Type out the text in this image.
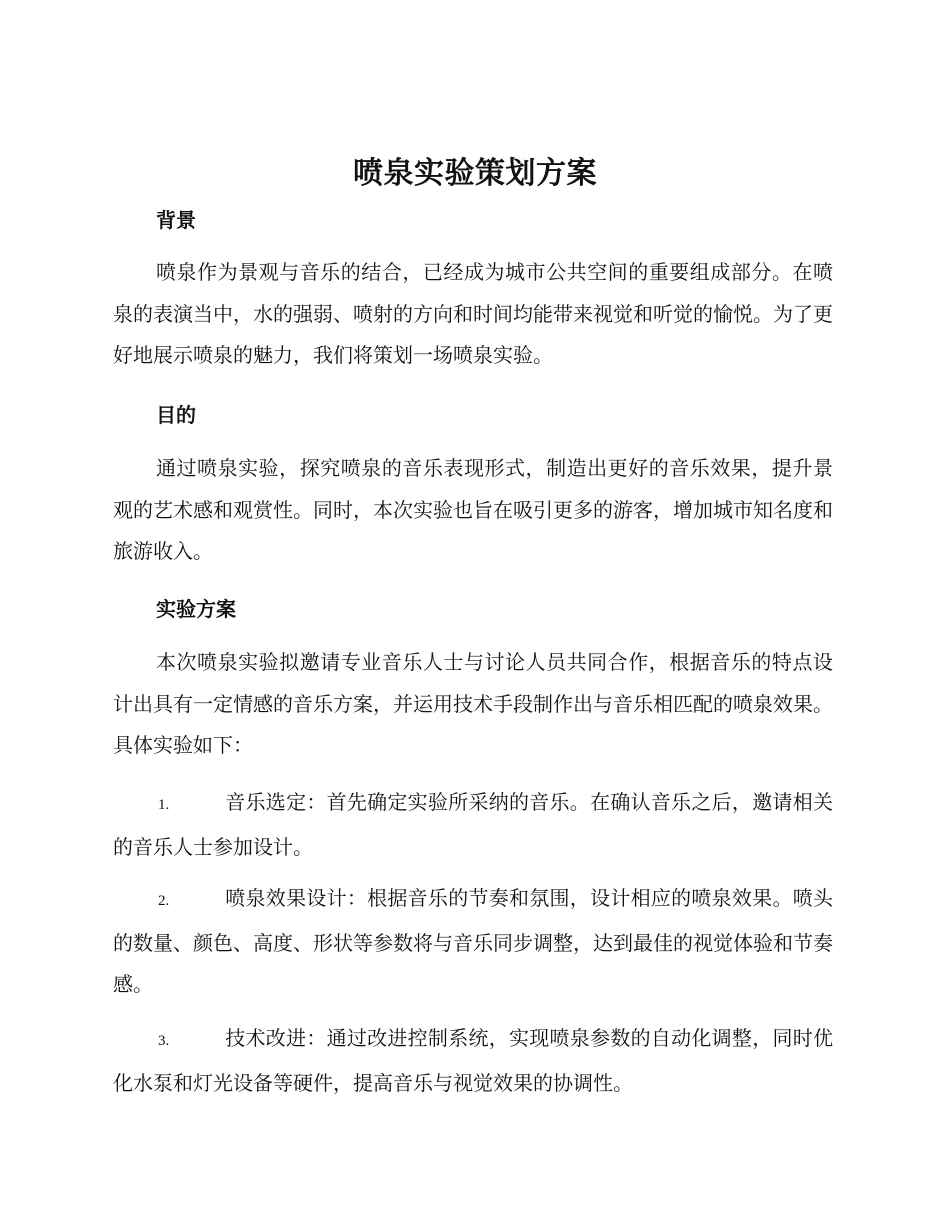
喷泉实验策划方案
背景

喷泉作为景观与音乐的结合，已经成为城市公共空间的重要组成部分。在喷泉的表演当中，水的强弱、喷射的方向和时间均能带来视觉和听觉的愉悦。为了更好地展示喷泉的魅力，我们将策划一场喷泉实验。

目的

通过喷泉实验，探究喷泉的音乐表现形式，制造出更好的音乐效果，提升景观的艺术感和观赏性。同时，本次实验也旨在吸引更多的游客，增加城市知名度和旅游收入。

实验方案

本次喷泉实验拟邀请专业音乐人士与讨论人员共同合作，根据音乐的特点设计出具有一定情感的音乐方案，并运用技术手段制作出与音乐相匹配的喷泉效果。具体实验如下：

1.	音乐选定：首先确定实验所采纳的音乐。在确认音乐之后，邀请相关的音乐人士参加设计。

2.	喷泉效果设计：根据音乐的节奏和氛围，设计相应的喷泉效果。喷头的数量、颜色、高度、形状等参数将与音乐同步调整，达到最佳的视觉体验和节奏感。

3.	技术改进：通过改进控制系统，实现喷泉参数的自动化调整，同时优化水泵和灯光设备等硬件，提高音乐与视觉效果的协调性。
